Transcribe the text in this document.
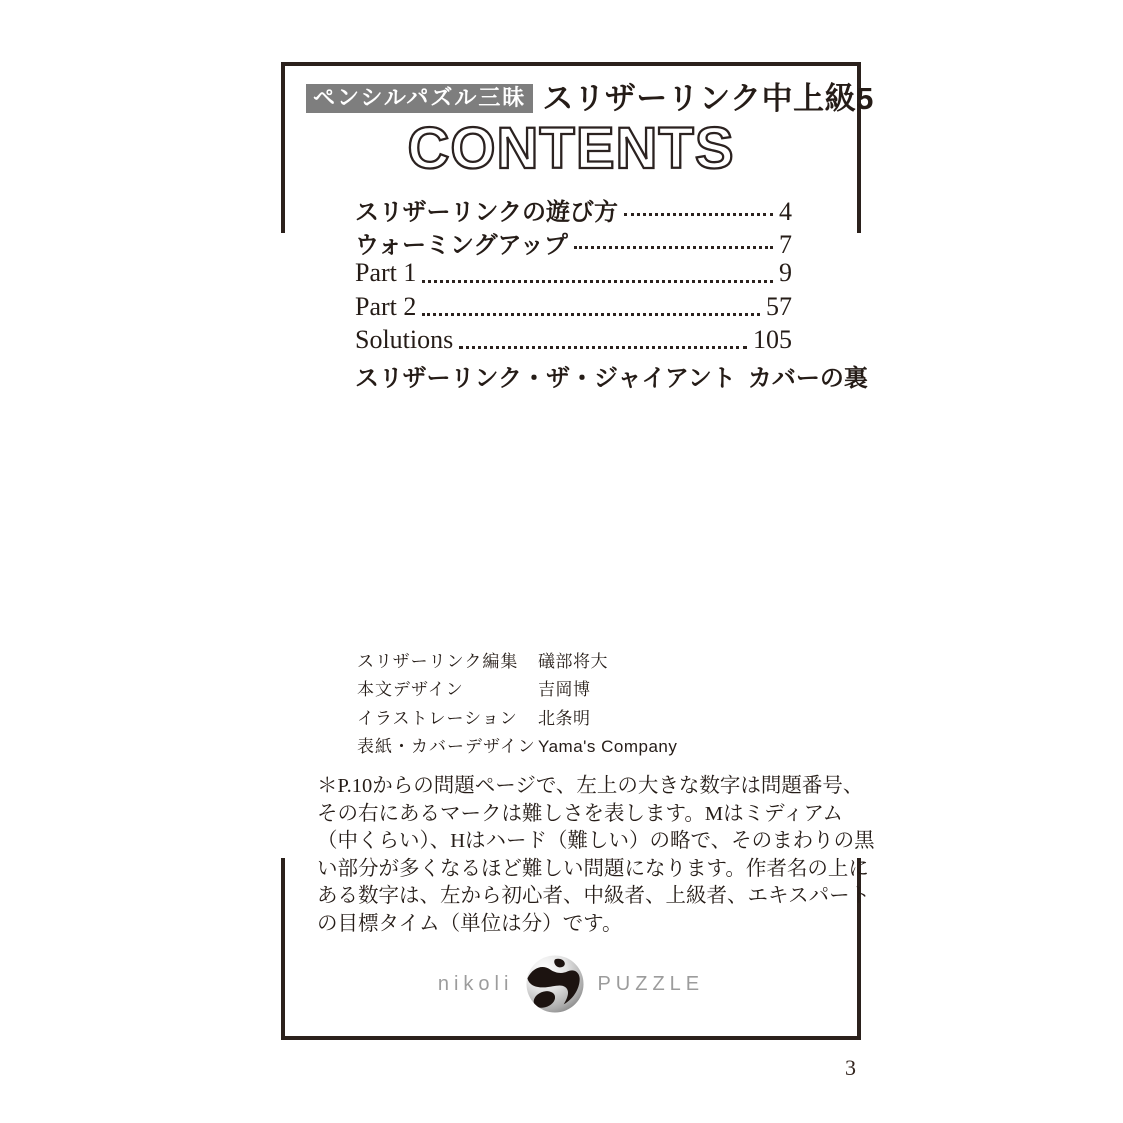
ペンシルパズル三昧 スリザーリンク中上級5
CONTENTS
スリザーリンクの遊び方	4
ウォーミングアップ	7
Part 1	9
Part 2	57
Solutions	105
スリザーリンク・ザ・ジャイアント カバーの裏
スリザーリンク編集	礒部将大
本文デザイン	吉岡博
イラストレーション	北条明
表紙・カバーデザイン Yama's Company
＊P.10からの問題ページで、左上の大きな数字は問題番号、
その右にあるマークは難しさを表します。Mはミディアム
（中くらい）、Hはハード（難しい）の略で、そのまわりの黒
い部分が多くなるほど難しい問題になります。作者名の上に
ある数字は、左から初心者、中級者、上級者、エキスパート
の目標タイム（単位は分）です。
nikoli	PUZZLE
3
